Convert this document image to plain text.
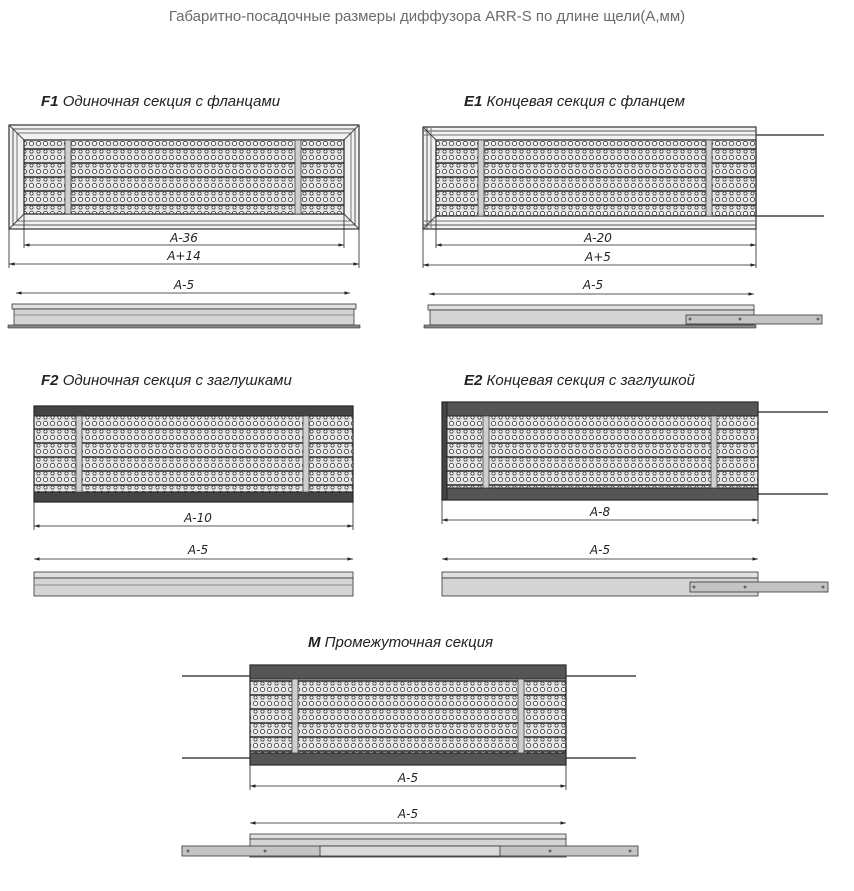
Габаритно-посадочные размеры диффузора ARR-S по длине щели(А,мм)
F1 Одиночная секция с фланцами	E1 Концевая секция с фланцем
F2 Одиночная секция с заглушками	E2 Концевая секция с заглушкой
M Промежуточная секция
A-36
A+14
A-5
A-20
A+5
A-5
A-10
A-5
A-8
A-5
A-5
A-5
